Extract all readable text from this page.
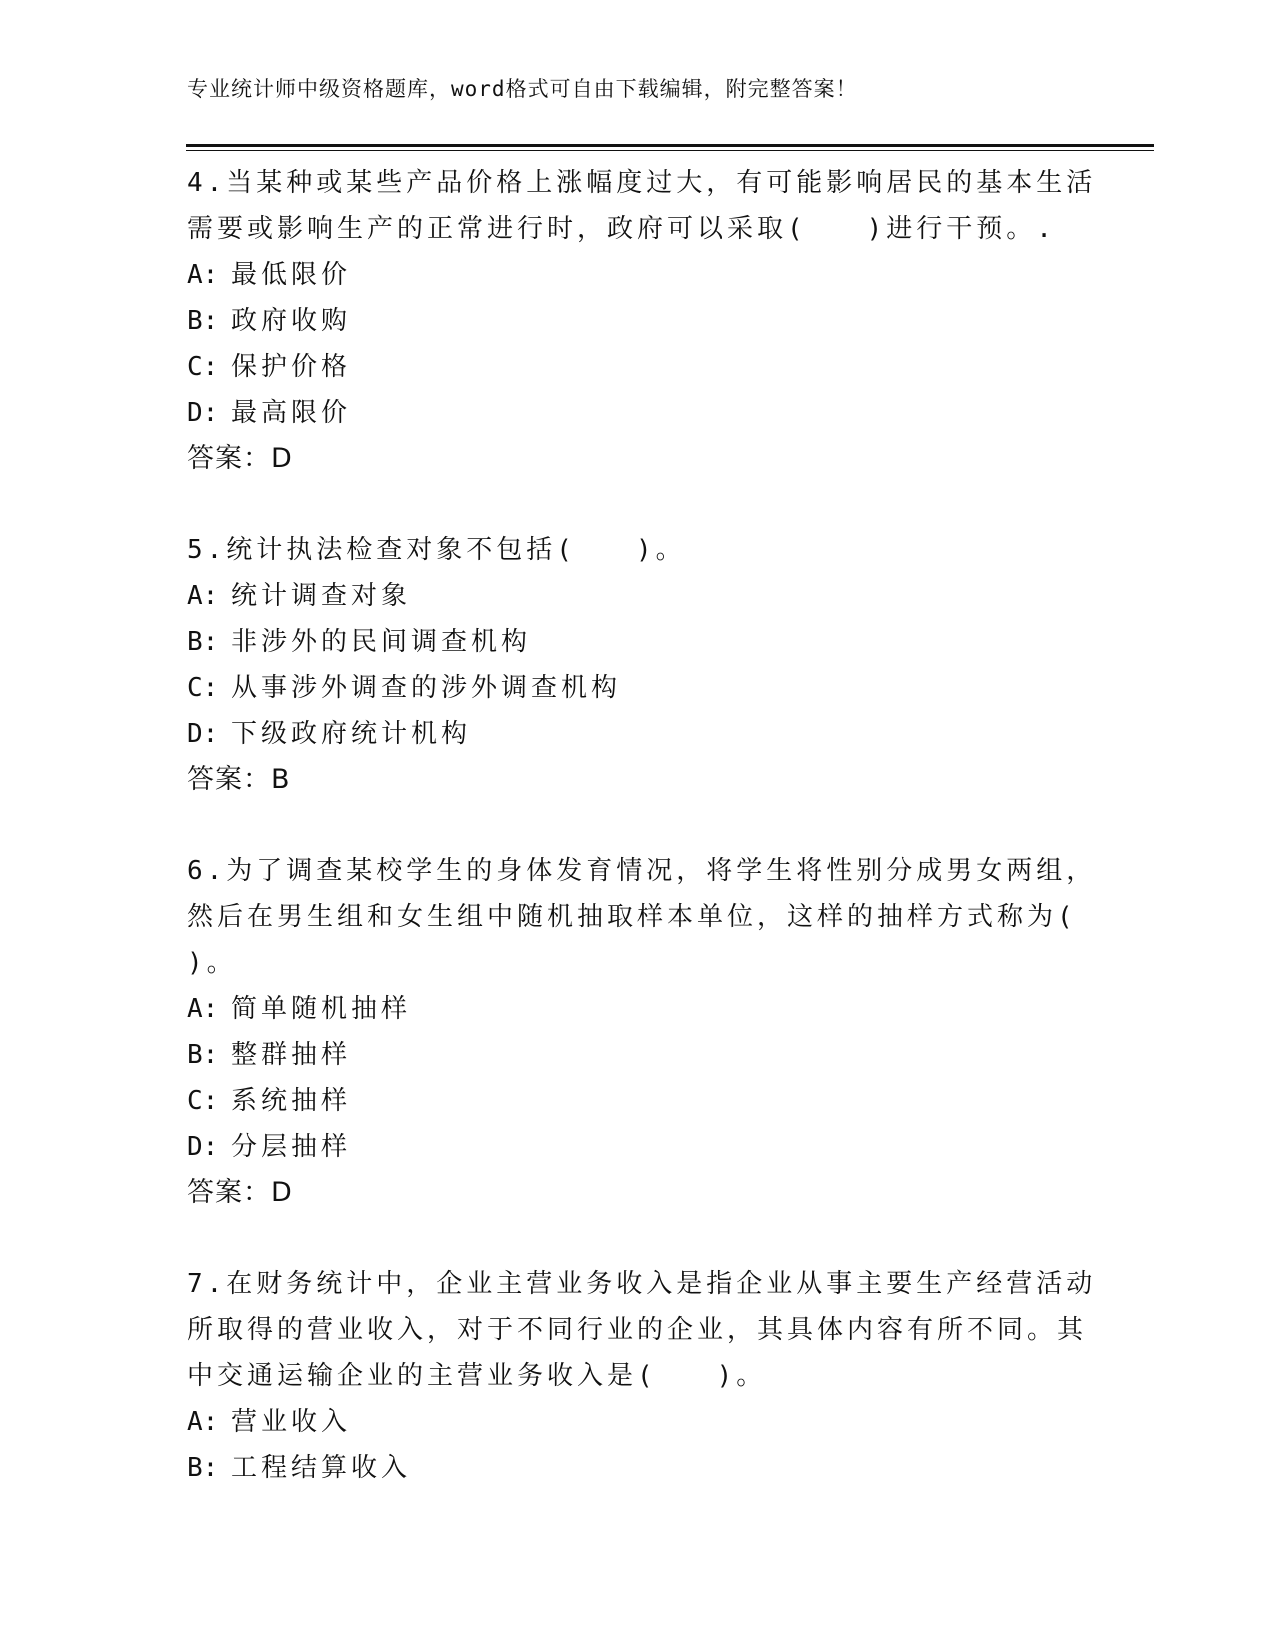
专业统计师中级资格题库，word格式可自由下载编辑，附完整答案！
4.当某种或某些产品价格上涨幅度过大，有可能影响居民的基本生活
需要或影响生产的正常进行时，政府可以采取(　　)进行干预。.
A: 最低限价
B: 政府收购
C: 保护价格
D: 最高限价
答案：D
5.统计执法检查对象不包括(　　)。
A: 统计调查对象
B: 非涉外的民间调查机构
C: 从事涉外调查的涉外调查机构
D: 下级政府统计机构
答案：B
6.为了调查某校学生的身体发育情况，将学生将性别分成男女两组，
然后在男生组和女生组中随机抽取样本单位，这样的抽样方式称为(
)。
A: 简单随机抽样
B: 整群抽样
C: 系统抽样
D: 分层抽样
答案：D
7.在财务统计中，企业主营业务收入是指企业从事主要生产经营活动
所取得的营业收入，对于不同行业的企业，其具体内容有所不同。其
中交通运输企业的主营业务收入是(　　)。
A: 营业收入
B: 工程结算收入
